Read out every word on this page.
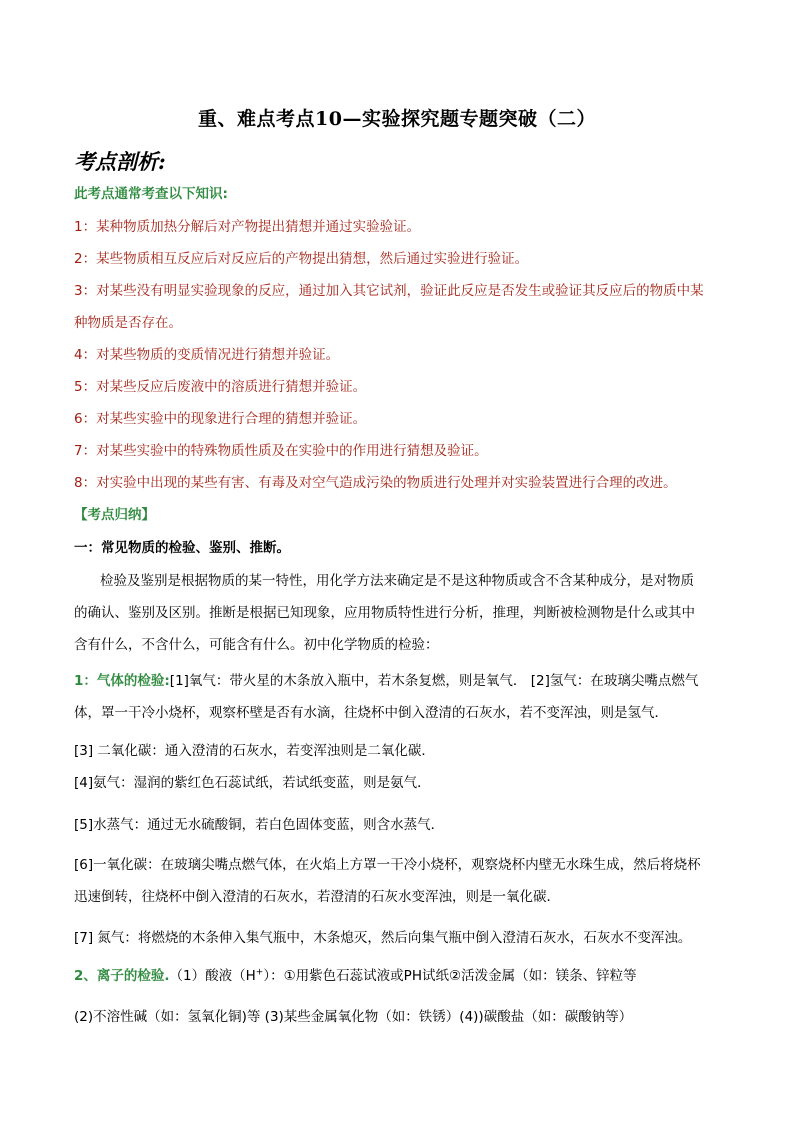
重、难点考点10—实验探究题专题突破（二）
考点剖析:
此考点通常考查以下知识:
1：某种物质加热分解后对产物提出猜想并通过实验验证。
2：某些物质相互反应后对反应后的产物提出猜想，然后通过实验进行验证。
3：对某些没有明显实验现象的反应，通过加入其它试剂，验证此反应是否发生或验证其反应后的物质中某
种物质是否存在。
4：对某些物质的变质情况进行猜想并验证。
5：对某些反应后废液中的溶质进行猜想并验证。
6：对某些实验中的现象进行合理的猜想并验证。
7：对某些实验中的特殊物质性质及在实验中的作用进行猜想及验证。
8：对实验中出现的某些有害、有毒及对空气造成污染的物质进行处理并对实验装置进行合理的改进。
【考点归纳】
一：常见物质的检验、鉴别、推断。
检验及鉴别是根据物质的某一特性，用化学方法来确定是不是这种物质或含不含某种成分，是对物质
的确认、鉴别及区别。推断是根据已知现象，应用物质特性进行分析，推理，判断被检测物是什么或其中
含有什么，不含什么，可能含有什么。初中化学物质的检验：
1：气体的检验:[1]氧气：带火星的木条放入瓶中，若木条复燃，则是氧气． [2]氢气：在玻璃尖嘴点燃气
体，罩一干冷小烧杯，观察杯壁是否有水滴，往烧杯中倒入澄清的石灰水，若不变浑浊，则是氢气．
[3] 二氧化碳：通入澄清的石灰水，若变浑浊则是二氧化碳．
[4]氨气：湿润的紫红色石蕊试纸，若试纸变蓝，则是氨气．
[5]水蒸气：通过无水硫酸铜，若白色固体变蓝，则含水蒸气．
[6]一氧化碳：在玻璃尖嘴点燃气体，在火焰上方罩一干冷小烧杯，观察烧杯内壁无水珠生成，然后将烧杯
迅速倒转，往烧杯中倒入澄清的石灰水，若澄清的石灰水变浑浊，则是一氧化碳．
[7] 氮气：将燃烧的木条伸入集气瓶中，木条熄灭，然后向集气瓶中倒入澄清石灰水，石灰水不变浑浊。
2、离子的检验.（1）酸液（H+）：①用紫色石蕊试液或PH试纸②活泼金属（如：镁条、锌粒等
(2)不溶性碱（如：氢氧化铜)等 (3)某些金属氧化物（如：铁锈）(4))碳酸盐（如：碳酸钠等）
